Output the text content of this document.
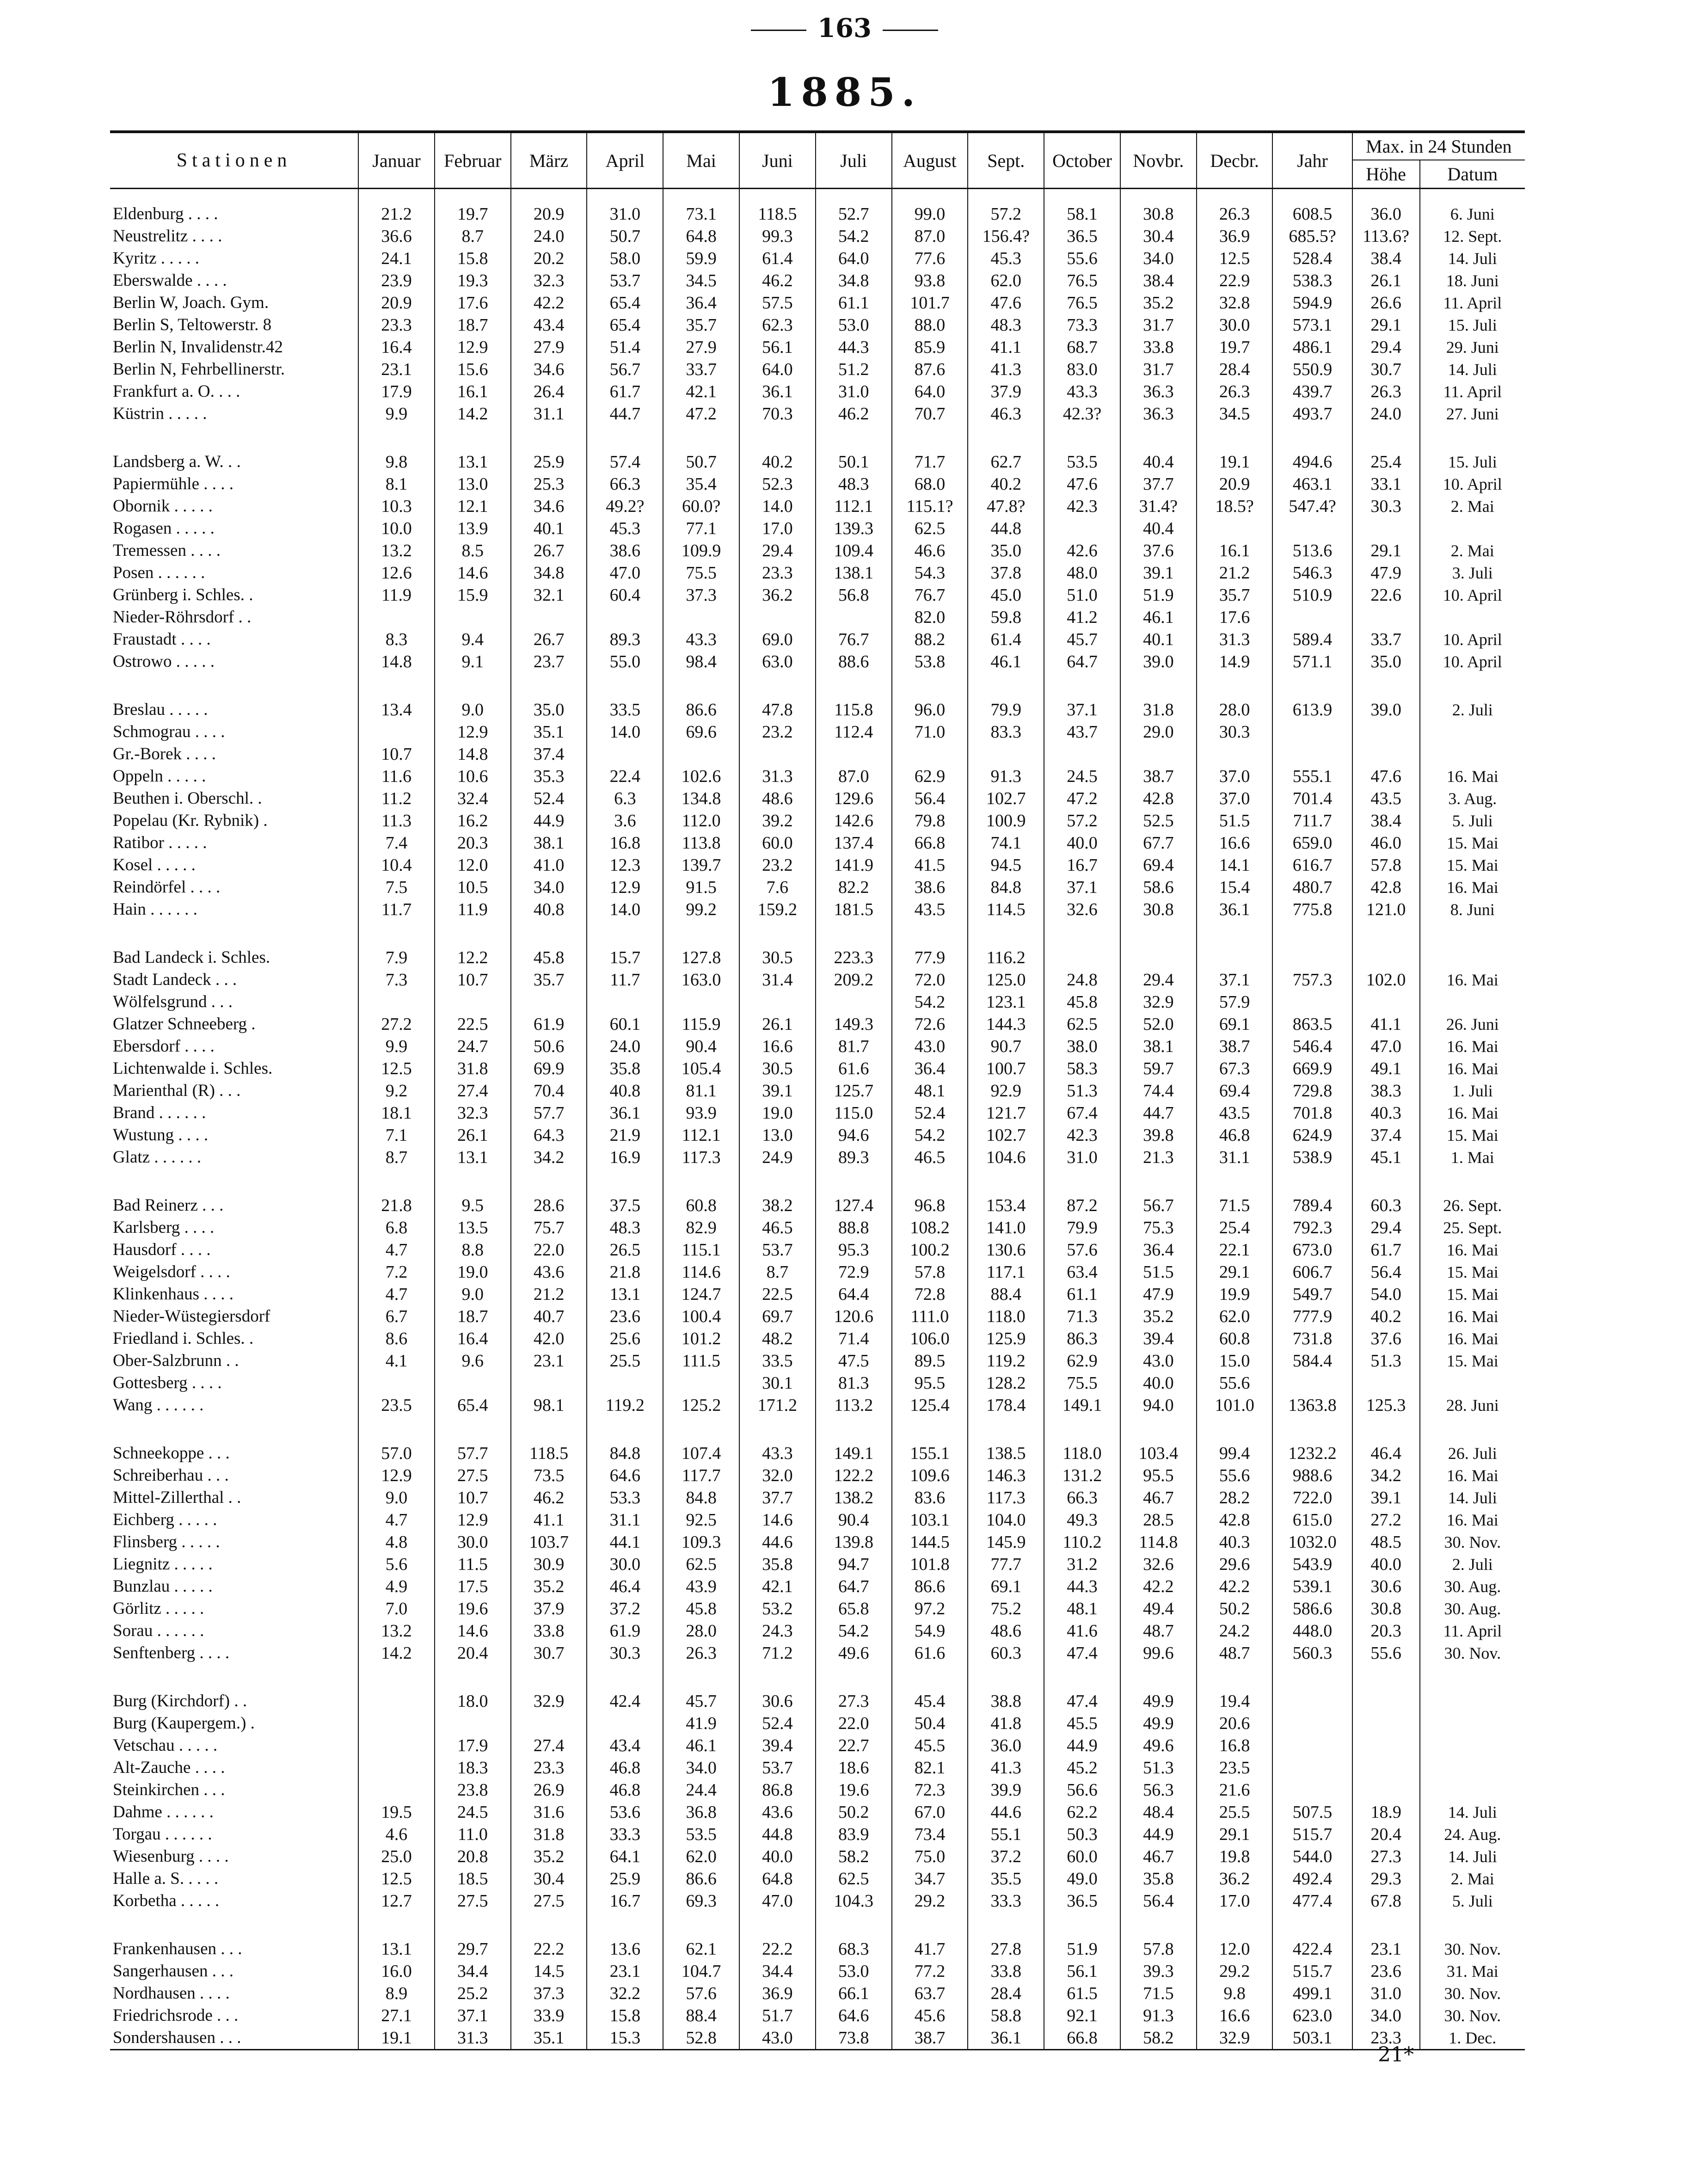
163
1885.
Stationen	Januar	Februar	März	April	Mai	Juni	Juli	August	Sept.	October	Novbr.	Decbr.	Jahr	Max. in 24 Stunden	
														Höhe	Datum

Eldenburg . . . .	21.2	19.7	20.9	31.0	73.1	118.5	52.7	99.0	57.2	58.1	30.8	26.3	608.5	36.0	6. Juni
Neustrelitz . . . .	36.6	8.7	24.0	50.7	64.8	99.3	54.2	87.0	156.4?	36.5	30.4	36.9	685.5?	113.6?	12. Sept.
Kyritz . . . . .	24.1	15.8	20.2	58.0	59.9	61.4	64.0	77.6	45.3	55.6	34.0	12.5	528.4	38.4	14. Juli
Eberswalde . . . .	23.9	19.3	32.3	53.7	34.5	46.2	34.8	93.8	62.0	76.5	38.4	22.9	538.3	26.1	18. Juni
Berlin W, Joach. Gym.	20.9	17.6	42.2	65.4	36.4	57.5	61.1	101.7	47.6	76.5	35.2	32.8	594.9	26.6	11. April
Berlin S, Teltowerstr. 8	23.3	18.7	43.4	65.4	35.7	62.3	53.0	88.0	48.3	73.3	31.7	30.0	573.1	29.1	15. Juli
Berlin N, Invalidenstr.42	16.4	12.9	27.9	51.4	27.9	56.1	44.3	85.9	41.1	68.7	33.8	19.7	486.1	29.4	29. Juni
Berlin N, Fehrbellinerstr.	23.1	15.6	34.6	56.7	33.7	64.0	51.2	87.6	41.3	83.0	31.7	28.4	550.9	30.7	14. Juli
Frankfurt a. O. . . .	17.9	16.1	26.4	61.7	42.1	36.1	31.0	64.0	37.9	43.3	36.3	26.3	439.7	26.3	11. April
Küstrin . . . . .	9.9	14.2	31.1	44.7	47.2	70.3	46.2	70.7	46.3	42.3?	36.3	34.5	493.7	24.0	27. Juni

Landsberg a. W. . .	9.8	13.1	25.9	57.4	50.7	40.2	50.1	71.7	62.7	53.5	40.4	19.1	494.6	25.4	15. Juli
Papiermühle . . . .	8.1	13.0	25.3	66.3	35.4	52.3	48.3	68.0	40.2	47.6	37.7	20.9	463.1	33.1	10. April
Obornik . . . . .	10.3	12.1	34.6	49.2?	60.0?	14.0	112.1	115.1?	47.8?	42.3	31.4?	18.5?	547.4?	30.3	2. Mai
Rogasen . . . . .	10.0	13.9	40.1	45.3	77.1	17.0	139.3	62.5	44.8		40.4				
Tremessen . . . .	13.2	8.5	26.7	38.6	109.9	29.4	109.4	46.6	35.0	42.6	37.6	16.1	513.6	29.1	2. Mai
Posen . . . . . .	12.6	14.6	34.8	47.0	75.5	23.3	138.1	54.3	37.8	48.0	39.1	21.2	546.3	47.9	3. Juli
Grünberg i. Schles. .	11.9	15.9	32.1	60.4	37.3	36.2	56.8	76.7	45.0	51.0	51.9	35.7	510.9	22.6	10. April
Nieder-Röhrsdorf . .								82.0	59.8	41.2	46.1	17.6			
Fraustadt . . . .	8.3	9.4	26.7	89.3	43.3	69.0	76.7	88.2	61.4	45.7	40.1	31.3	589.4	33.7	10. April
Ostrowo . . . . .	14.8	9.1	23.7	55.0	98.4	63.0	88.6	53.8	46.1	64.7	39.0	14.9	571.1	35.0	10. April

Breslau . . . . .	13.4	9.0	35.0	33.5	86.6	47.8	115.8	96.0	79.9	37.1	31.8	28.0	613.9	39.0	2. Juli
Schmograu . . . .		12.9	35.1	14.0	69.6	23.2	112.4	71.0	83.3	43.7	29.0	30.3			
Gr.-Borek . . . .	10.7	14.8	37.4												
Oppeln . . . . .	11.6	10.6	35.3	22.4	102.6	31.3	87.0	62.9	91.3	24.5	38.7	37.0	555.1	47.6	16. Mai
Beuthen i. Oberschl. .	11.2	32.4	52.4	6.3	134.8	48.6	129.6	56.4	102.7	47.2	42.8	37.0	701.4	43.5	3. Aug.
Popelau (Kr. Rybnik) .	11.3	16.2	44.9	3.6	112.0	39.2	142.6	79.8	100.9	57.2	52.5	51.5	711.7	38.4	5. Juli
Ratibor . . . . .	7.4	20.3	38.1	16.8	113.8	60.0	137.4	66.8	74.1	40.0	67.7	16.6	659.0	46.0	15. Mai
Kosel . . . . .	10.4	12.0	41.0	12.3	139.7	23.2	141.9	41.5	94.5	16.7	69.4	14.1	616.7	57.8	15. Mai
Reindörfel . . . .	7.5	10.5	34.0	12.9	91.5	7.6	82.2	38.6	84.8	37.1	58.6	15.4	480.7	42.8	16. Mai
Hain . . . . . .	11.7	11.9	40.8	14.0	99.2	159.2	181.5	43.5	114.5	32.6	30.8	36.1	775.8	121.0	8. Juni

Bad Landeck i. Schles.	7.9	12.2	45.8	15.7	127.8	30.5	223.3	77.9	116.2						
Stadt Landeck . . .	7.3	10.7	35.7	11.7	163.0	31.4	209.2	72.0	125.0	24.8	29.4	37.1	757.3	102.0	16. Mai
Wölfelsgrund . . .								54.2	123.1	45.8	32.9	57.9			
Glatzer Schneeberg .	27.2	22.5	61.9	60.1	115.9	26.1	149.3	72.6	144.3	62.5	52.0	69.1	863.5	41.1	26. Juni
Ebersdorf . . . .	9.9	24.7	50.6	24.0	90.4	16.6	81.7	43.0	90.7	38.0	38.1	38.7	546.4	47.0	16. Mai
Lichtenwalde i. Schles.	12.5	31.8	69.9	35.8	105.4	30.5	61.6	36.4	100.7	58.3	59.7	67.3	669.9	49.1	16. Mai
Marienthal (R) . . .	9.2	27.4	70.4	40.8	81.1	39.1	125.7	48.1	92.9	51.3	74.4	69.4	729.8	38.3	1. Juli
Brand . . . . . .	18.1	32.3	57.7	36.1	93.9	19.0	115.0	52.4	121.7	67.4	44.7	43.5	701.8	40.3	16. Mai
Wustung . . . .	7.1	26.1	64.3	21.9	112.1	13.0	94.6	54.2	102.7	42.3	39.8	46.8	624.9	37.4	15. Mai
Glatz . . . . . .	8.7	13.1	34.2	16.9	117.3	24.9	89.3	46.5	104.6	31.0	21.3	31.1	538.9	45.1	1. Mai

Bad Reinerz . . .	21.8	9.5	28.6	37.5	60.8	38.2	127.4	96.8	153.4	87.2	56.7	71.5	789.4	60.3	26. Sept.
Karlsberg . . . .	6.8	13.5	75.7	48.3	82.9	46.5	88.8	108.2	141.0	79.9	75.3	25.4	792.3	29.4	25. Sept.
Hausdorf . . . .	4.7	8.8	22.0	26.5	115.1	53.7	95.3	100.2	130.6	57.6	36.4	22.1	673.0	61.7	16. Mai
Weigelsdorf . . . .	7.2	19.0	43.6	21.8	114.6	8.7	72.9	57.8	117.1	63.4	51.5	29.1	606.7	56.4	15. Mai
Klinkenhaus . . . .	4.7	9.0	21.2	13.1	124.7	22.5	64.4	72.8	88.4	61.1	47.9	19.9	549.7	54.0	15. Mai
Nieder-Wüstegiersdorf	6.7	18.7	40.7	23.6	100.4	69.7	120.6	111.0	118.0	71.3	35.2	62.0	777.9	40.2	16. Mai
Friedland i. Schles. .	8.6	16.4	42.0	25.6	101.2	48.2	71.4	106.0	125.9	86.3	39.4	60.8	731.8	37.6	16. Mai
Ober-Salzbrunn . .	4.1	9.6	23.1	25.5	111.5	33.5	47.5	89.5	119.2	62.9	43.0	15.0	584.4	51.3	15. Mai
Gottesberg . . . .						30.1	81.3	95.5	128.2	75.5	40.0	55.6			
Wang . . . . . .	23.5	65.4	98.1	119.2	125.2	171.2	113.2	125.4	178.4	149.1	94.0	101.0	1363.8	125.3	28. Juni

Schneekoppe . . .	57.0	57.7	118.5	84.8	107.4	43.3	149.1	155.1	138.5	118.0	103.4	99.4	1232.2	46.4	26. Juli
Schreiberhau . . .	12.9	27.5	73.5	64.6	117.7	32.0	122.2	109.6	146.3	131.2	95.5	55.6	988.6	34.2	16. Mai
Mittel-Zillerthal . .	9.0	10.7	46.2	53.3	84.8	37.7	138.2	83.6	117.3	66.3	46.7	28.2	722.0	39.1	14. Juli
Eichberg . . . . .	4.7	12.9	41.1	31.1	92.5	14.6	90.4	103.1	104.0	49.3	28.5	42.8	615.0	27.2	16. Mai
Flinsberg . . . . .	4.8	30.0	103.7	44.1	109.3	44.6	139.8	144.5	145.9	110.2	114.8	40.3	1032.0	48.5	30. Nov.
Liegnitz . . . . .	5.6	11.5	30.9	30.0	62.5	35.8	94.7	101.8	77.7	31.2	32.6	29.6	543.9	40.0	2. Juli
Bunzlau . . . . .	4.9	17.5	35.2	46.4	43.9	42.1	64.7	86.6	69.1	44.3	42.2	42.2	539.1	30.6	30. Aug.
Görlitz . . . . .	7.0	19.6	37.9	37.2	45.8	53.2	65.8	97.2	75.2	48.1	49.4	50.2	586.6	30.8	30. Aug.
Sorau . . . . . .	13.2	14.6	33.8	61.9	28.0	24.3	54.2	54.9	48.6	41.6	48.7	24.2	448.0	20.3	11. April
Senftenberg . . . .	14.2	20.4	30.7	30.3	26.3	71.2	49.6	61.6	60.3	47.4	99.6	48.7	560.3	55.6	30. Nov.

Burg (Kirchdorf) . .		18.0	32.9	42.4	45.7	30.6	27.3	45.4	38.8	47.4	49.9	19.4			
Burg (Kaupergem.) .					41.9	52.4	22.0	50.4	41.8	45.5	49.9	20.6			
Vetschau . . . . .		17.9	27.4	43.4	46.1	39.4	22.7	45.5	36.0	44.9	49.6	16.8			
Alt-Zauche . . . .		18.3	23.3	46.8	34.0	53.7	18.6	82.1	41.3	45.2	51.3	23.5			
Steinkirchen . . .		23.8	26.9	46.8	24.4	86.8	19.6	72.3	39.9	56.6	56.3	21.6			
Dahme . . . . . .	19.5	24.5	31.6	53.6	36.8	43.6	50.2	67.0	44.6	62.2	48.4	25.5	507.5	18.9	14. Juli
Torgau . . . . . .	4.6	11.0	31.8	33.3	53.5	44.8	83.9	73.4	55.1	50.3	44.9	29.1	515.7	20.4	24. Aug.
Wiesenburg . . . .	25.0	20.8	35.2	64.1	62.0	40.0	58.2	75.0	37.2	60.0	46.7	19.8	544.0	27.3	14. Juli
Halle a. S. . . . .	12.5	18.5	30.4	25.9	86.6	64.8	62.5	34.7	35.5	49.0	35.8	36.2	492.4	29.3	2. Mai
Korbetha . . . . .	12.7	27.5	27.5	16.7	69.3	47.0	104.3	29.2	33.3	36.5	56.4	17.0	477.4	67.8	5. Juli

Frankenhausen . . .	13.1	29.7	22.2	13.6	62.1	22.2	68.3	41.7	27.8	51.9	57.8	12.0	422.4	23.1	30. Nov.
Sangerhausen . . .	16.0	34.4	14.5	23.1	104.7	34.4	53.0	77.2	33.8	56.1	39.3	29.2	515.7	23.6	31. Mai
Nordhausen . . . .	8.9	25.2	37.3	32.2	57.6	36.9	66.1	63.7	28.4	61.5	71.5	9.8	499.1	31.0	30. Nov.
Friedrichsrode . . .	27.1	37.1	33.9	15.8	88.4	51.7	64.6	45.6	58.8	92.1	91.3	16.6	623.0	34.0	30. Nov.
Sondershausen . . .	19.1	31.3	35.1	15.3	52.8	43.0	73.8	38.7	36.1	66.8	58.2	32.9	503.1	23.3	1. Dec.
21*
